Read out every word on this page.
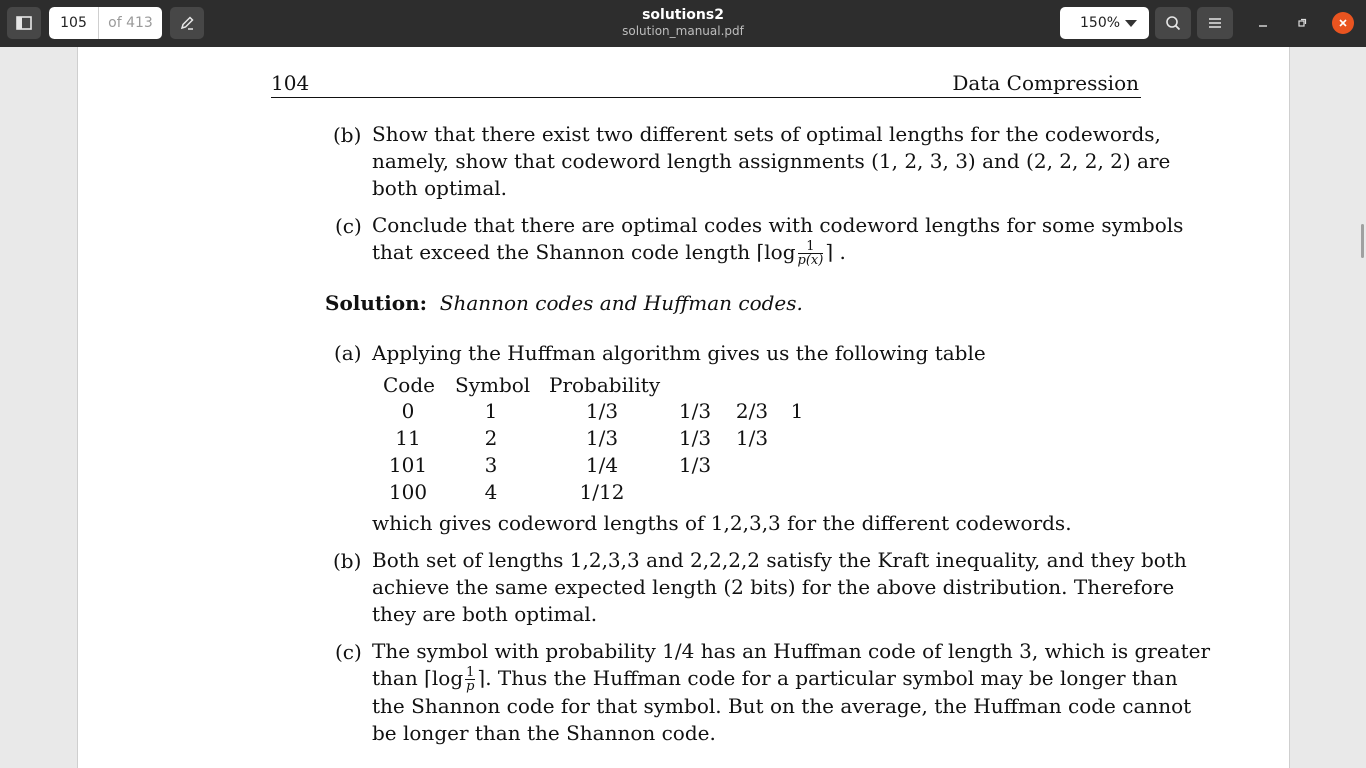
105
of 413	solutions2
solution_manual.pdf	150%
104	Data Compression
(b) Show that there exist two different sets of optimal lengths for the codewords,
namely, show that codeword length assignments (1, 2, 3, 3) and (2, 2, 2, 2) are
both optimal.
(c) Conclude that there are optimal codes with codeword lengths for some symbols
that exceed the Shannon code length ⌈log $\frac{1}{p(x)}$ ⌉ .
Solution: Shannon codes and Huffman codes.
(a) Applying the Huffman algorithm gives us the following table
Code Symbol Probability
0	1	1/3	1/3 2/3 1
11	2	1/3	1/3 1/3
101	3	1/4	1/3
100	4	1/12
which gives codeword lengths of 1,2,3,3 for the different codewords.
(b) Both set of lengths 1,2,3,3 and 2,2,2,2 satisfy the Kraft inequality, and they both
achieve the same expected length (2 bits) for the above distribution. Therefore
they are both optimal.
(c) The symbol with probability 1/4 has an Huffman code of length 3, which is greater
than ⌈log $\frac{1}{p}$ ⌉. Thus the Huffman code for a particular symbol may be longer than
the Shannon code for that symbol. But on the average, the Huffman code cannot
be longer than the Shannon code.
